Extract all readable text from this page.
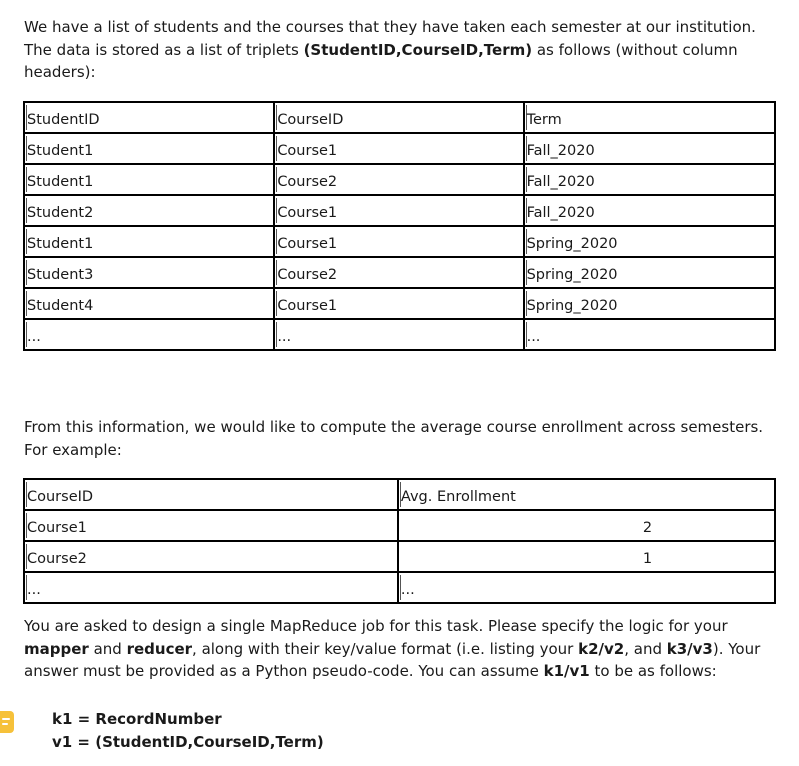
We have a list of students and the courses that they have taken each semester at our institution. The data is stored as a list of triplets (StudentID,CourseID,Term) as follows (without column headers):

StudentID	CourseID	Term
Student1	Course1	Fall_2020
Student1	Course2	Fall_2020
Student2	Course1	Fall_2020
Student1	Course1	Spring_2020
Student3	Course2	Spring_2020
Student4	Course1	Spring_2020
...	...	...

From this information, we would like to compute the average course enrollment across semesters. For example:

CourseID	Avg. Enrollment
Course1	2
Course2	1
...	...

You are asked to design a single MapReduce job for this task. Please specify the logic for your mapper and reducer, along with their key/value format (i.e. listing your k2/v2, and k3/v3). Your answer must be provided as a Python pseudo-code. You can assume k1/v1 to be as follows:

k1 = RecordNumber
v1 = (StudentID,CourseID,Term)
